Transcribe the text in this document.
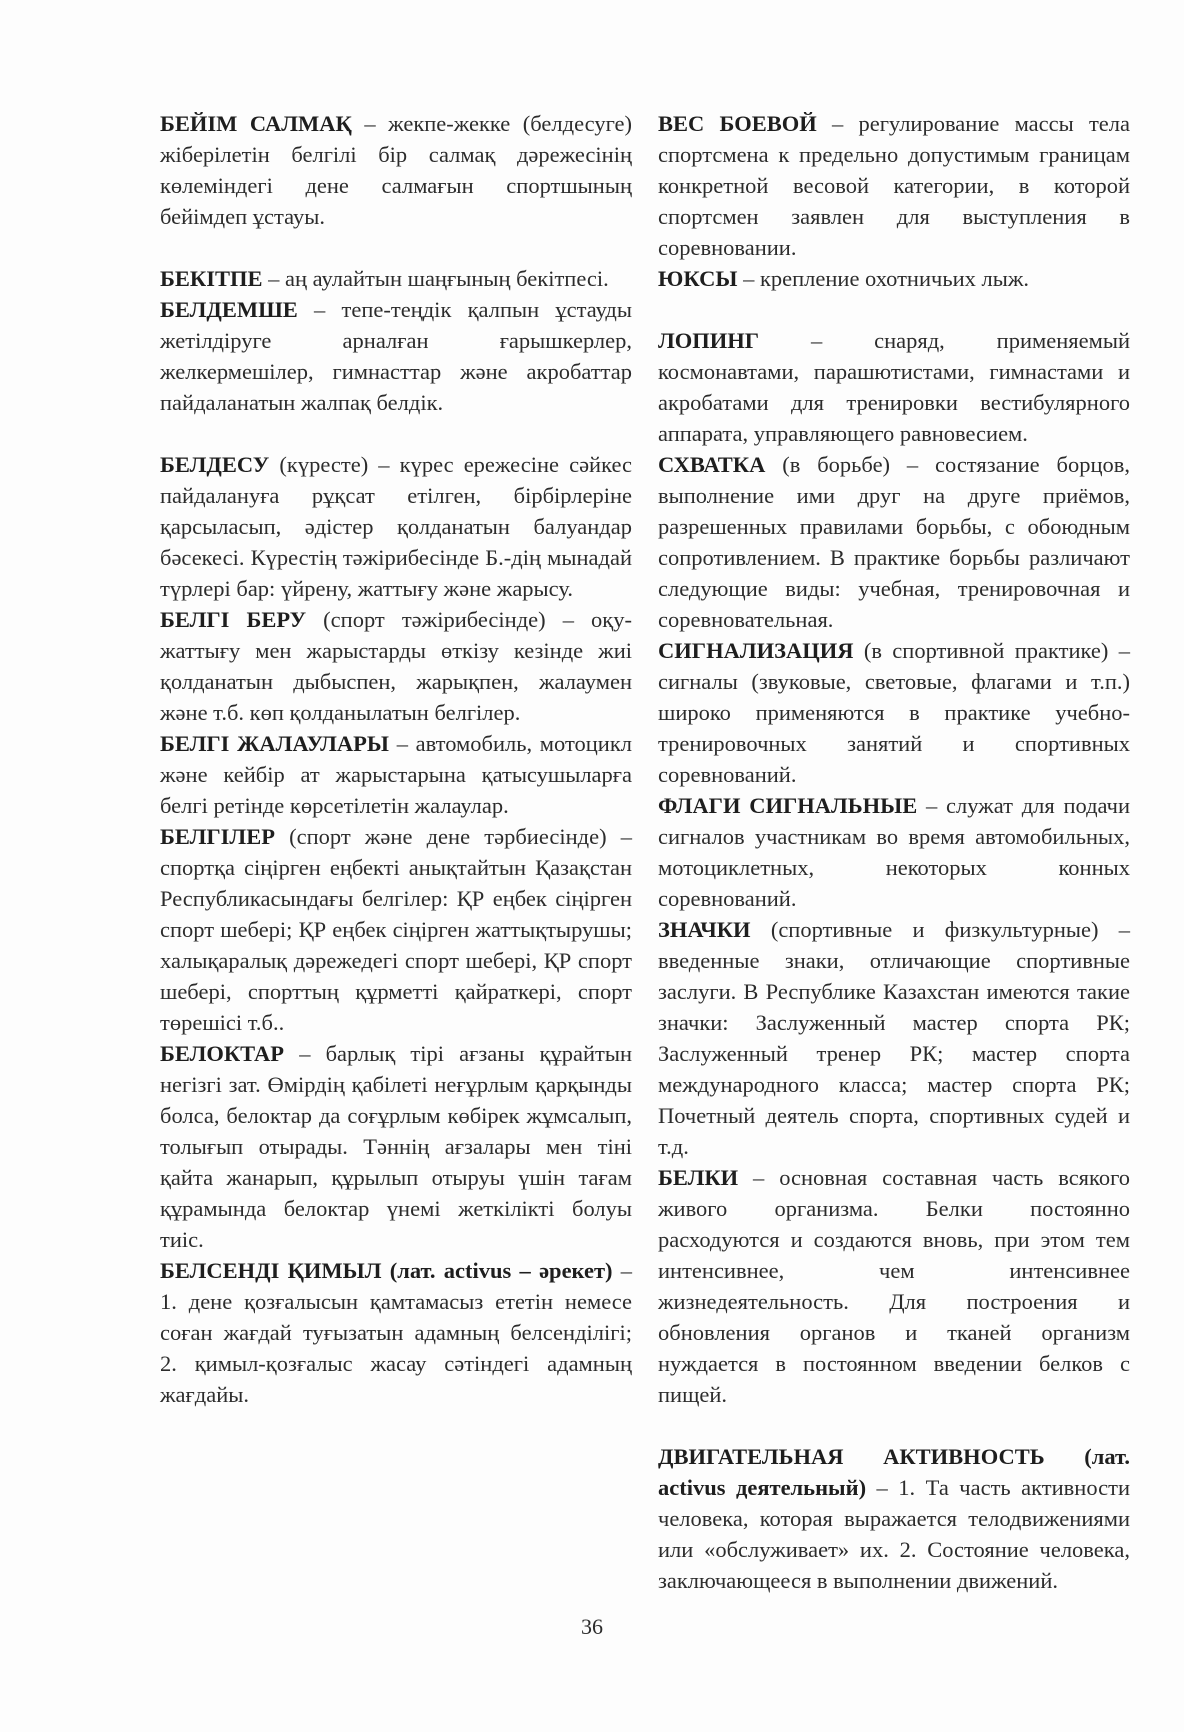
БЕЙІМ САЛМАҚ – жекпе-жекке (белдесуге) жіберілетін белгілі бір салмақ дәрежесінің көлеміндегі дене салмағын спортшының бейімдеп ұстауы.

БЕКІТПЕ – аң аулайтын шаңғының бекітпесі.

БЕЛДЕМШЕ – тепе-теңдік қалпын ұстауды жетілдіруге арналған ғарышкерлер, желкермешілер, гимнасттар және акробаттар пайдаланатын жалпақ белдік.

БЕЛДЕСУ (күресте) – күрес ережесіне сәйкес пайдалануға рұқсат етілген, бірбірлеріне қарсыласып, әдістер қолданатын балуандар бәсекесі. Күрестің тәжірибесінде Б.-дің мынадай түрлері бар: үйрену, жаттығу және жарысу.

БЕЛГІ БЕРУ (спорт тәжірибесінде) – оқу-жаттығу мен жарыстарды өткізу кезінде жиі қолданатын дыбыспен, жарықпен, жалаумен және т.б. көп қолданылатын белгілер.

БЕЛГІ ЖАЛАУЛАРЫ – автомобиль, мотоцикл және кейбір ат жарыстарына қатысушыларға белгі ретінде көрсетілетін жалаулар.

БЕЛГІЛЕР (спорт және дене тәрбиесінде) – спортқа сіңірген еңбекті анықтайтын Қазақстан Республикасындағы белгілер: ҚР еңбек сіңірген спорт шебері; ҚР еңбек сіңірген жаттықтырушы; халықаралық дәрежедегі спорт шебері, ҚР спорт шебері, спорттың құрметті қайраткері, спорт төрешісі т.б..

БЕЛОКТАР – барлық тірі ағзаны құрайтын негізгі зат. Өмірдің қабілеті неғұрлым қарқынды болса, белоктар да соғұрлым көбірек жұмсалып, толығып отырады. Тәннің ағзалары мен тіні қайта жанарып, құрылып отыруы үшін тағам құрамында белоктар үнемі жеткілікті болуы тиіс.

БЕЛСЕНДІ ҚИМЫЛ (лат. activus – әрекет) – 1. дене қозғалысын қамтамасыз ететін немесе соған жағдай туғызатын адамның белсенділігі; 2. қимыл-қозғалыс жасау сәтіндегі адамның жағдайы.

ВЕС БОЕВОЙ – регулирование массы тела спортсмена к предельно допустимым границам конкретной весовой категории, в которой спортсмен заявлен для выступления в соревновании.

ЮКСЫ – крепление охотничьих лыж.

ЛОПИНГ – снаряд, применяемый космонавтами, парашютистами, гимнастами и акробатами для тренировки вестибулярного аппарата, управляющего равновесием.

СХВАТКА (в борьбе) – состязание борцов, выполнение ими друг на друге приёмов, разрешенных правилами борьбы, с обоюдным сопротивлением. В практике борьбы различают следующие виды: учебная, тренировочная и соревновательная.

СИГНАЛИЗАЦИЯ (в спортивной практике) – сигналы (звуковые, световые, флагами и т.п.) широко применяются в практике учебно-тренировочных занятий и спортивных соревнований.

ФЛАГИ СИГНАЛЬНЫЕ – служат для подачи сигналов участникам во время автомобильных, мотоциклетных, некоторых конных соревнований.

ЗНАЧКИ (спортивные и физкультурные) – введенные знаки, отличающие спортивные заслуги. В Республике Казахстан имеются такие значки: Заслуженный мастер спорта РК; Заслуженный тренер РК; мастер спорта международного класса; мастер спорта РК; Почетный деятель спорта, спортивных судей и т.д.

БЕЛКИ – основная составная часть всякого живого организма. Белки постоянно расходуются и создаются вновь, при этом тем интенсивнее, чем интенсивнее жизнедеятельность. Для построения и обновления органов и тканей организм нуждается в постоянном введении белков с пищей.

ДВИГАТЕЛЬНАЯ АКТИВНОСТЬ (лат. activus деятельный) – 1. Та часть активности человека, которая выражается телодвижениями или «обслуживает» их. 2. Состояние человека, заключающееся в выполнении движений.

36
